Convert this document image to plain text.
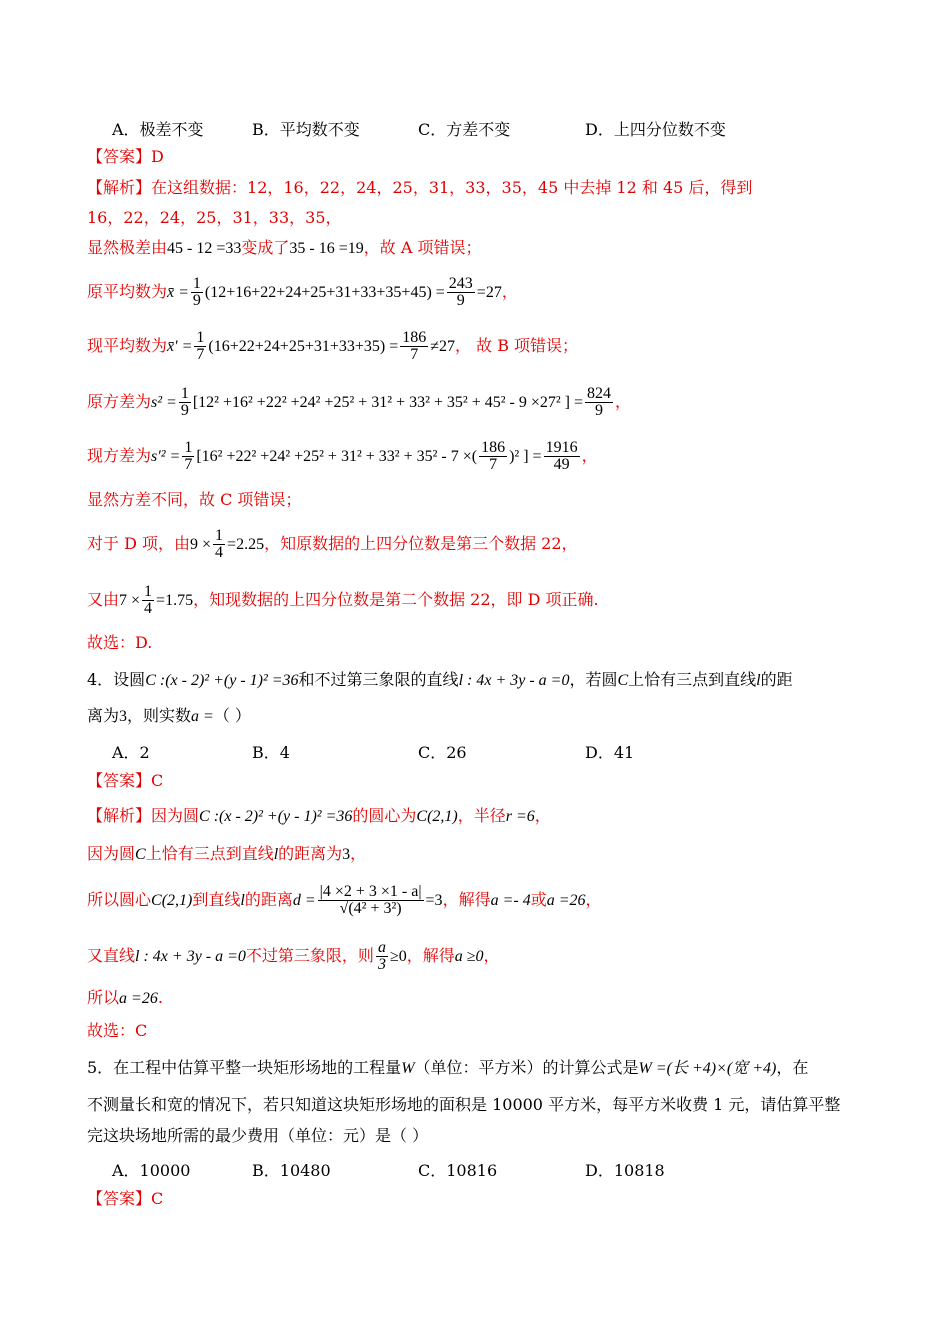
A．极差不变	B．平均数不变	C．方差不变	D．上四分位数不变
【答案】D
【解析】在这组数据：12，16，22，24，25，31，33，35，45 中去掉 12 和 45 后，得到
16，22，24，25，31，33，35，
显然极差由45 - 12 =33变成了35 - 16 =19，故 A 项错误；
原平均数为x̄ = $\frac{1}{9} (12+16+22+24+25+31+33+35+45) = \frac{243}{9} =27$，
现平均数为x̄′ = $\frac{1}{7} (16+22+24+25+31+33+35) = \frac{186}{7} \ne 27$， 故 B 项错误；
原方差为$s^2 = \frac{1}{9} [12^2 +16^2 +22^2 +24^2 +25^2 + 31^2 + 33^2 + 35^2 + 45^2 - 9 \times 27^2$ ] = $\frac{824}{9}$ ，
现方差为$s'^2 = \frac{1}{7} [16^2 +22^2 +24^2 +25^2 + 31^2 + 33^2 + 35^2 - 7$ ×( $\frac{186}{7} )^2$ ] = $\frac{1916}{49}$ ，
显然方差不同，故 C 项错误；
对于 D 项，由$9 \times \frac{1}{4} =2.25$，知原数据的上四分位数是第三个数据 22，
又由$7 \times \frac{1}{4} =1.75$，知现数据的上四分位数是第二个数据 22，即 D 项正确.
故选：D.
4．设圆C :(x - 2)² +(y - 1)² =36和不过第三象限的直线l : 4x + 3y - a =0，若圆C上恰有三点到直线l的距
离为3，则实数a =（ ）
A．2	B．4	C．26	D．41
【答案】C
【解析】因为圆C :(x - 2)² +(y - 1)² =36的圆心为C(2,1)，半径r =6，
因为圆C上恰有三点到直线l的距离为3，
所以圆心C(2,1)到直线l的距离$d = \frac{|4 \times 2 + 3 \times 1 - a|}{\text{√(4² + 3²)}} =3$，解得a =- 4或a =26，
又直线l : 4x + 3y - a =0不过第三象限，则 $\frac{a}{3} \ge 0$，解得a ≥0，
所以a =26.
故选：C
5．在工程中估算平整一块矩形场地的工程量W（单位：平方米）的计算公式是W =(长 +4)×(宽 +4)，在
不测量长和宽的情况下，若只知道这块矩形场地的面积是 10000 平方米，每平方米收费 1 元，请估算平整
完这块场地所需的最少费用（单位：元）是（ ）
A．10000	B．10480	C．10816	D．10818
【答案】C
